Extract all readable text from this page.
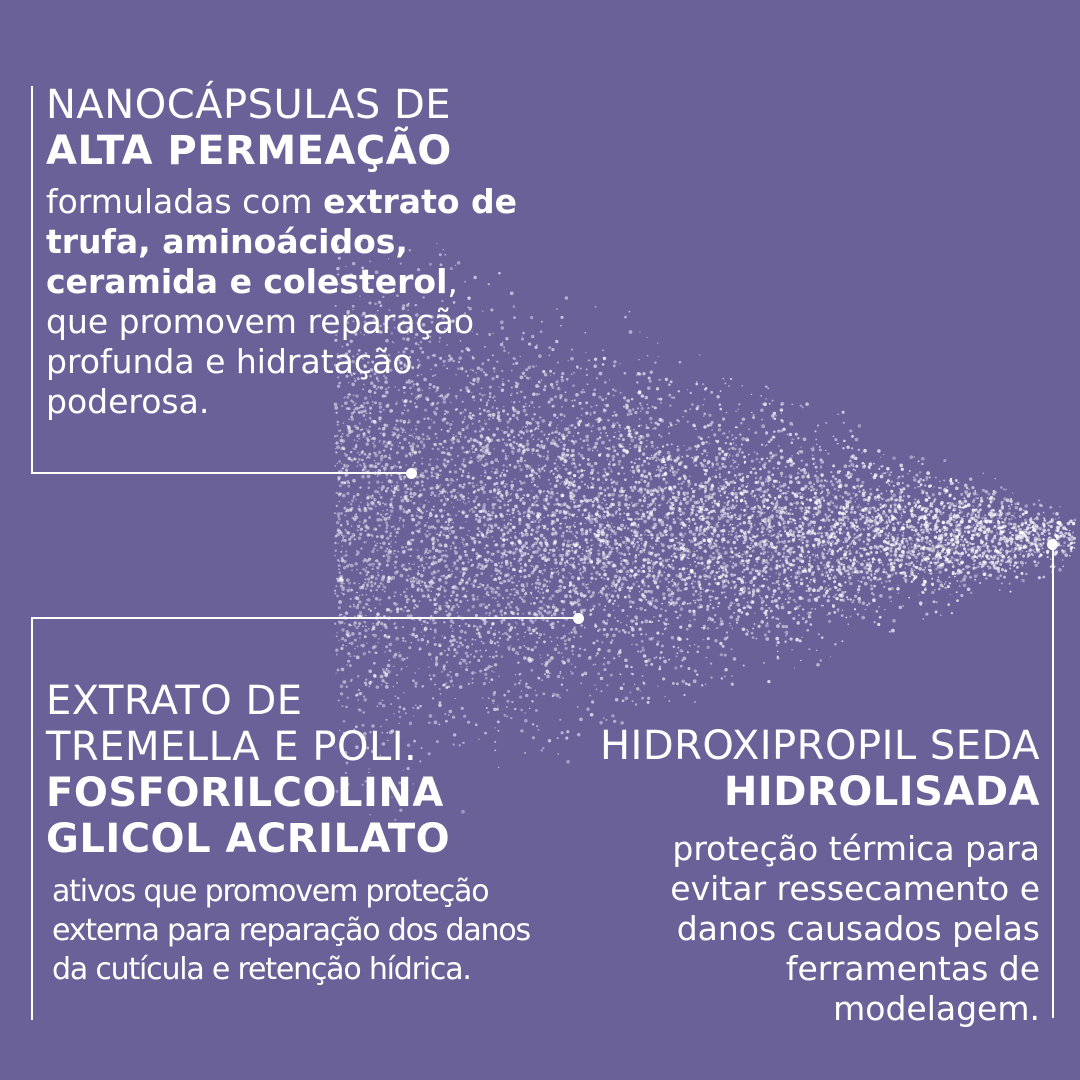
NANOCÁPSULAS DE
ALTA PERMEAÇÃO
formuladas com extrato de trufa, aminoácidos, ceramida e colesterol, que promovem reparação profunda e hidratação poderosa.
EXTRATO DE
TREMELLA E POLI.
FOSFORILCOLINA
GLICOL ACRILATO
ativos que promovem proteção externa para reparação dos danos da cutícula e retenção hídrica.
HIDROXIPROPIL SEDA
HIDROLISADA
proteção térmica para
evitar ressecamento e
danos causados pelas
ferramentas de
modelagem.
